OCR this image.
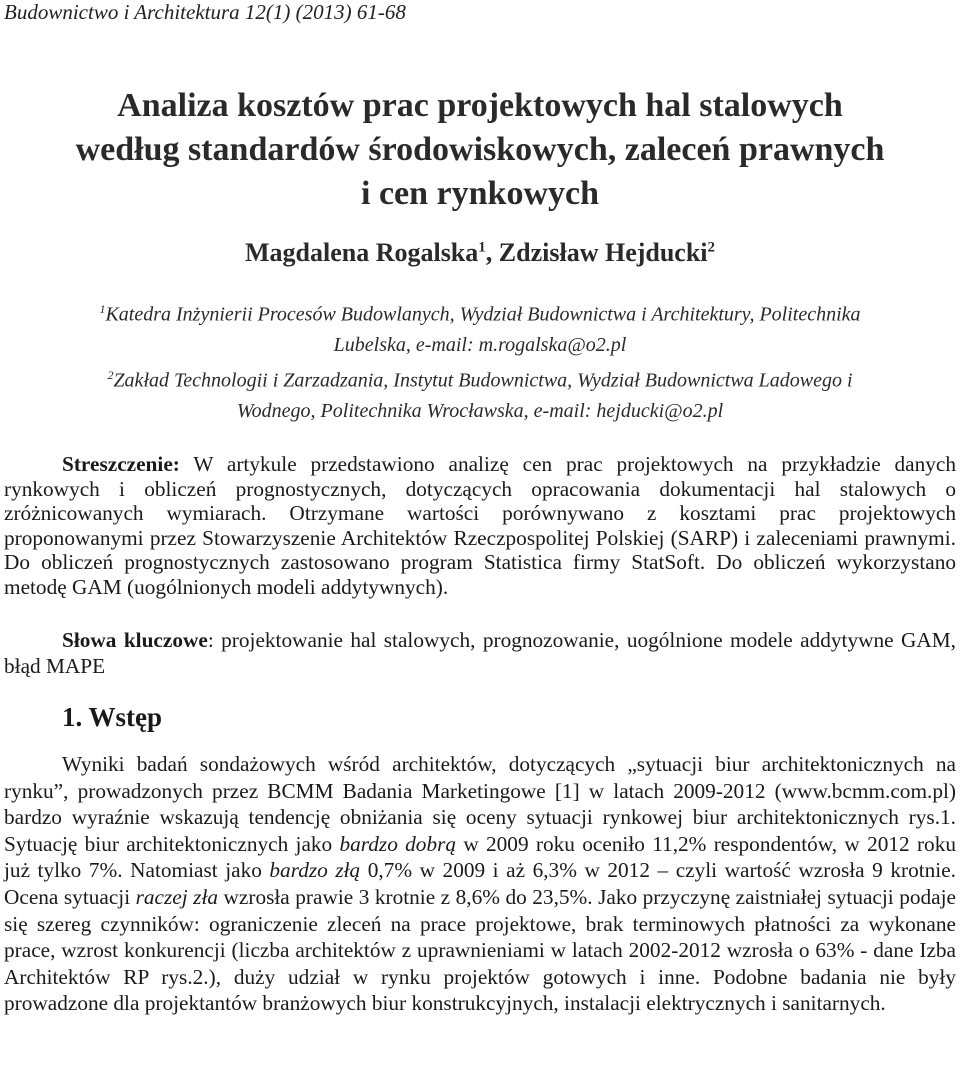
Budownictwo i Architektura 12(1) (2013) 61-68
Analiza kosztów prac projektowych hal stalowych
według standardów środowiskowych, zaleceń prawnych
i cen rynkowych
Magdalena Rogalska$^1$, Zdzisław Hejducki$^2$
$^1$Katedra Inżynierii Procesów Budowlanych, Wydział Budownictwa i Architektury, Politechnika
Lubelska, e-mail: m.rogalska@o2.pl
$^2$Zakład Technologii i Zarzadzania, Instytut Budownictwa, Wydział Budownictwa Ladowego i
Wodnego, Politechnika Wrocławska, e-mail: hejducki@o2.pl
Streszczenie: W artykule przedstawiono analizę cen prac projektowych na przykładzie danych rynkowych i obliczeń prognostycznych, dotyczących opracowania dokumentacji hal stalowych o zróżnicowanych wymiarach. Otrzymane wartości porównywano z kosztami prac projektowych proponowanymi przez Stowarzyszenie Architektów Rzeczpospolitej Polskiej (SARP) i zaleceniami prawnymi. Do obliczeń prognostycznych zastosowano program Statistica firmy StatSoft. Do obliczeń wykorzystano metodę GAM (uogólnionych modeli addytywnych).
Słowa kluczowe: projektowanie hal stalowych, prognozowanie, uogólnione modele addytywne GAM, błąd MAPE
1. Wstęp
Wyniki badań sondażowych wśród architektów, dotyczących „sytuacji biur architektonicznych na rynku”, prowadzonych przez BCMM Badania Marketingowe [1] w latach 2009-2012 (www.bcmm.com.pl) bardzo wyraźnie wskazują tendencję obniżania się oceny sytuacji rynkowej biur architektonicznych rys.1. Sytuację biur architektonicznych jako bardzo dobrą w 2009 roku oceniło 11,2% respondentów, w 2012 roku już tylko 7%. Natomiast jako bardzo złą 0,7% w 2009 i aż 6,3% w 2012 – czyli wartość wzrosła 9 krotnie. Ocena sytuacji raczej zła wzrosła prawie 3 krotnie z 8,6% do 23,5%. Jako przyczynę zaistniałej sytuacji podaje się szereg czynników: ograniczenie zleceń na prace projektowe, brak terminowych płatności za wykonane prace, wzrost konkurencji (liczba architektów z uprawnieniami w latach 2002-2012 wzrosła o 63% - dane Izba Architektów RP rys.2.), duży udział w rynku projektów gotowych i inne. Podobne badania nie były prowadzone dla projektantów branżowych biur konstrukcyjnych, instalacji elektrycznych i sanitarnych.
